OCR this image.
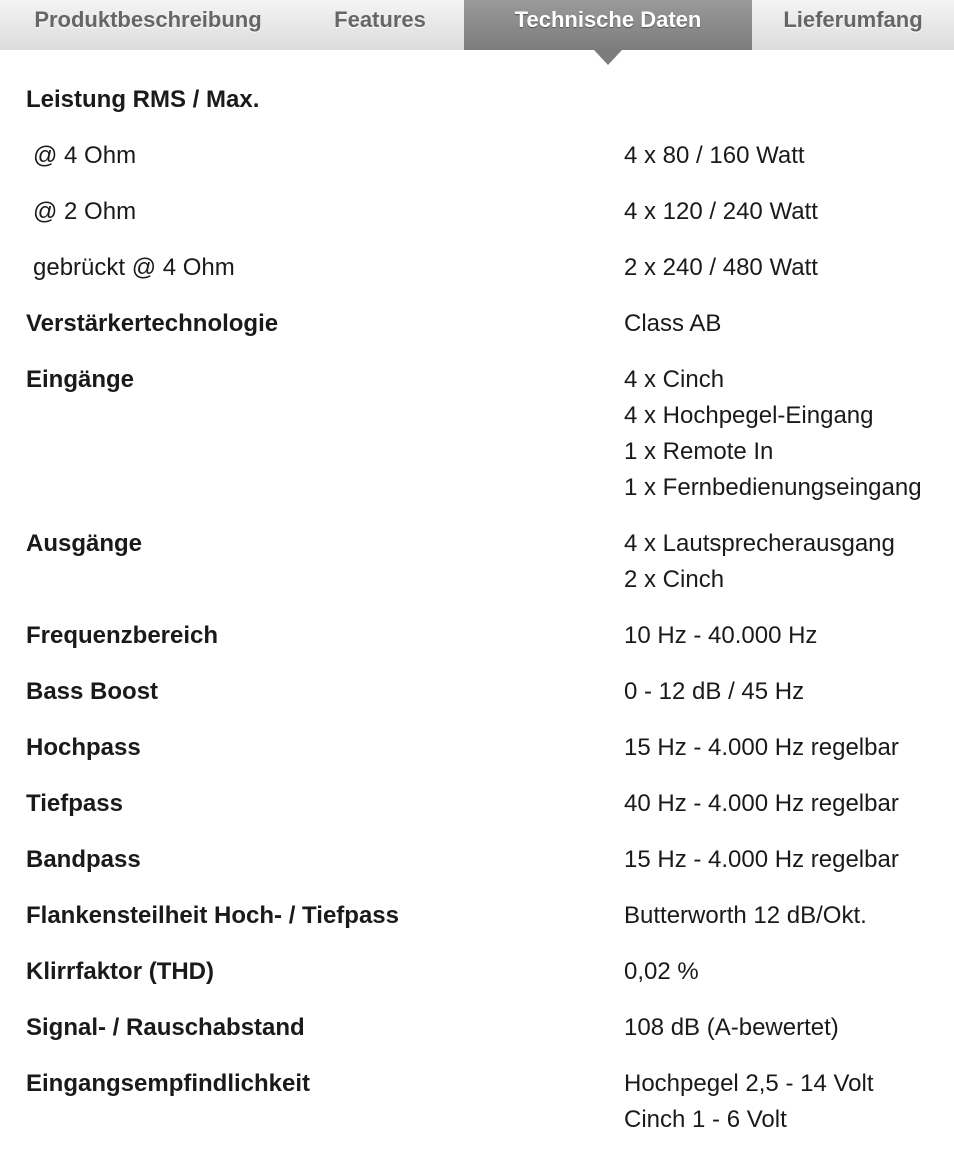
Produktbeschreibung	Features	Technische Daten	Lieferumfang
Leistung RMS / Max.
@ 4 Ohm	4 x 80 / 160 Watt
@ 2 Ohm	4 x 120 / 240 Watt
gebrückt @ 4 Ohm	2 x 240 / 480 Watt
Verstärkertechnologie	Class AB
Eingänge	4 x Cinch
4 x Hochpegel-Eingang
1 x Remote In
1 x Fernbedienungseingang
Ausgänge	4 x Lautsprecherausgang
2 x Cinch
Frequenzbereich	10 Hz - 40.000 Hz
Bass Boost	0 - 12 dB / 45 Hz
Hochpass	15 Hz - 4.000 Hz regelbar
Tiefpass	40 Hz - 4.000 Hz regelbar
Bandpass	15 Hz - 4.000 Hz regelbar
Flankensteilheit Hoch- / Tiefpass	Butterworth 12 dB/Okt.
Klirrfaktor (THD)	0,02 %
Signal- / Rauschabstand	108 dB (A-bewertet)
Eingangsempfindlichkeit	Hochpegel 2,5 - 14 Volt
Cinch 1 - 6 Volt
